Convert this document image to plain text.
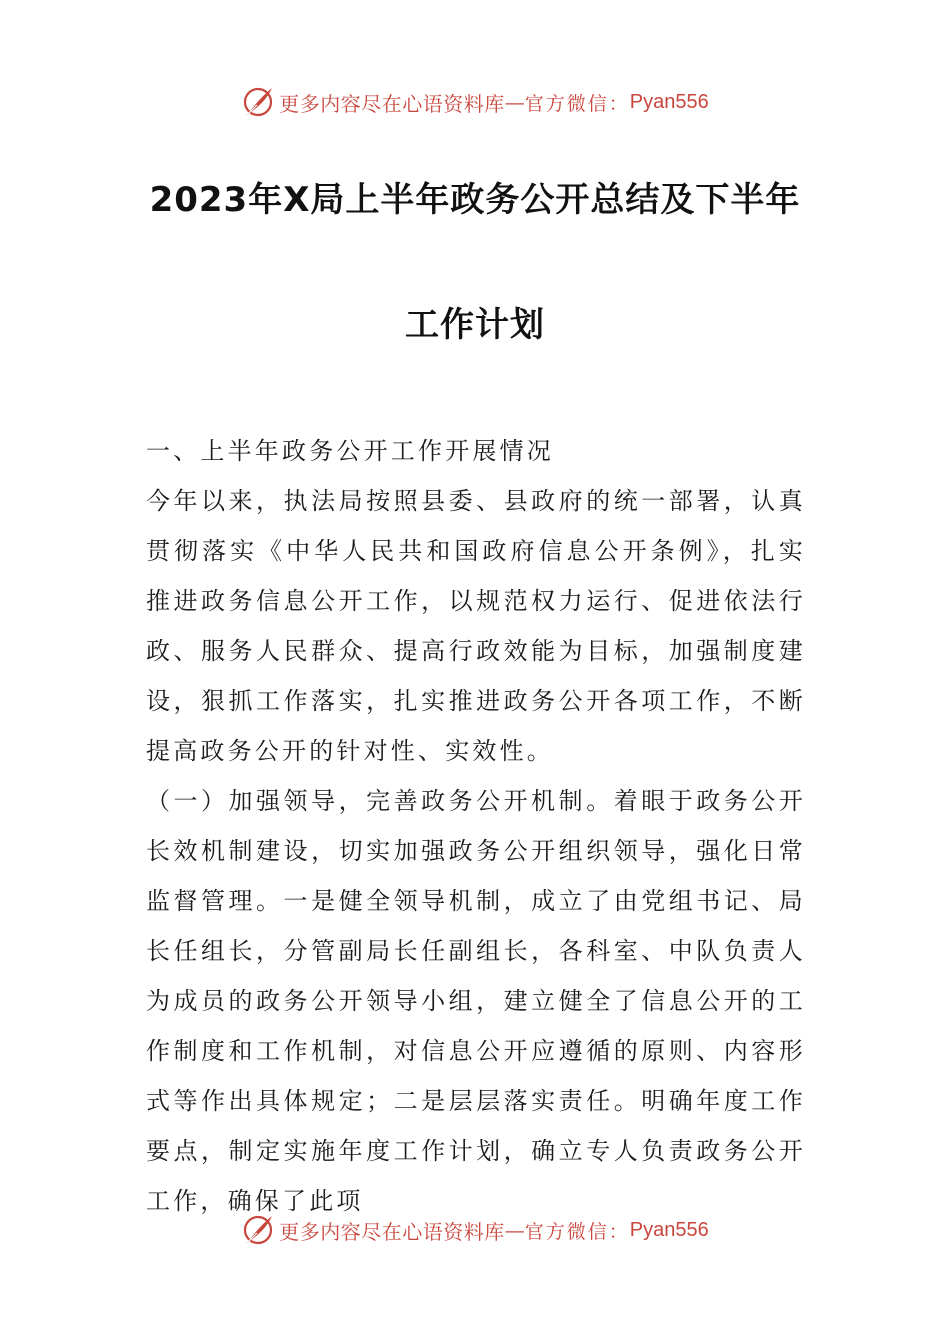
更多内容尽在心语资料库 — 官方微信： Pyan556
2023年X局上半年政务公开总结及下半年
工作计划

一、上半年政务公开工作开展情况

今年以来，执法局按照县委、县政府的统一部署，认真贯彻落实《中华人民共和国政府信息公开条例》，扎实推进政务信息公开工作，以规范权力运行、促进依法行政、服务人民群众、提高行政效能为目标，加强制度建设，狠抓工作落实，扎实推进政务公开各项工作，不断提高政务公开的针对性、实效性。

（一）加强领导，完善政务公开机制。着眼于政务公开长效机制建设，切实加强政务公开组织领导，强化日常监督管理。一是健全领导机制，成立了由党组书记、局长任组长，分管副局长任副组长，各科室、中队负责人为成员的政务公开领导小组，建立健全了信息公开的工作制度和工作机制，对信息公开应遵循的原则、内容形式等作出具体规定；二是层层落实责任。明确年度工作要点，制定实施年度工作计划，确立专人负责政务公开工作，确保了此项

更多内容尽在心语资料库 — 官方微信： Pyan556
